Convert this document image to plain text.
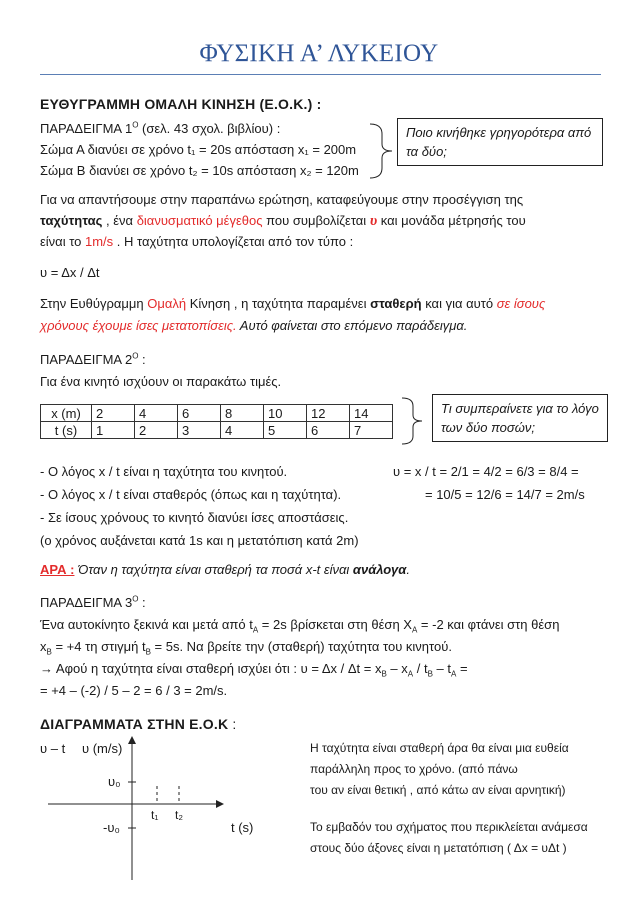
ΦΥΣΙΚΗ Α’ ΛΥΚΕΙΟΥ
ΕΥΘΥΓΡΑΜΜΗ ΟΜΑΛΗ ΚΙΝΗΣΗ (Ε.Ο.Κ.) :
ΠΑΡΑΔΕΙΓΜΑ $1^O$ (σελ. 43 σχολ. βιβλίου) :
Σώμα Α διανύει σε χρόνο t₁ = 20s απόσταση x₁ = 200m
Σώμα Β διανύει σε χρόνο t₂ = 10s απόσταση x₂ = 120m
Ποιο κινήθηκε γρηγορότερα από τα δύο;
Για να απαντήσουμε στην παραπάνω ερώτηση, καταφεύγουμε στην προσέγγιση της
ταχύτητας , ένα διανυσματικό μέγεθος που συμβολίζεται υ και μονάδα μέτρησής του
είναι το 1m/s . Η ταχύτητα υπολογίζεται από τον τύπο :
υ = Δx / Δt
Στην Ευθύγραμμη Ομαλή Κίνηση , η ταχύτητα παραμένει σταθερή και για αυτό σε ίσους
χρόνους έχουμε ίσες μετατοπίσεις. Αυτό φαίνεται στο επόμενο παράδειγμα.
ΠΑΡΑΔΕΙΓΜΑ $2^O$ :
Για ένα κινητό ισχύουν οι παρακάτω τιμές.
x (m)	2	4	6	8	10	12	14
t (s)	1	2	3	4	5	6	7
Τι συμπεραίνετε για το λόγο των δύο ποσών;
- Ο λόγος x / t είναι η ταχύτητα του κινητού.	υ = x / t = 2/1 = 4/2 = 6/3 = 8/4 =
- Ο λόγος x / t είναι σταθερός (όπως και η ταχύτητα).	= 10/5 = 12/6 = 14/7 = 2m/s
- Σε ίσους χρόνους το κινητό διανύει ίσες αποστάσεις.
(ο χρόνος αυξάνεται κατά 1s και η μετατόπιση κατά 2m)
ΑΡΑ : Όταν η ταχύτητα είναι σταθερή τα ποσά x-t είναι ανάλογα.
ΠΑΡΑΔΕΙΓΜΑ $3^O$ :
Ένα αυτοκίνητο ξεκινά και μετά από $t_A = 2s$ βρίσκεται στη θέση $X_A = -2$ και φτάνει στη θέση
$x_B = +4$ τη στιγμή $t_B = 5s$. Να βρείτε την (σταθερή) ταχύτητα του κινητού.
→ Αφού η ταχύτητα είναι σταθερή ισχύει ότι : $\upsilon = \Delta x / \Delta t = x_B - x_A / t_B - t_A$ =
= +4 – (-2) / 5 – 2 = 6 / 3 = 2m/s.
ΔΙΑΓΡΑΜΜΑΤΑ ΣΤΗΝ Ε.Ο.Κ :
υ – t υ (m/s)
υ₀
-υ₀
t₁ t₂
t (s)
Η ταχύτητα είναι σταθερή άρα θα είναι μια ευθεία
παράλληλη προς το χρόνο. (από πάνω
του αν είναι θετική , από κάτω αν είναι αρνητική)
Το εμβαδόν του σχήματος που περικλείεται ανάμεσα
στους δύο άξονες είναι η μετατόπιση ( Δx = υΔt )
